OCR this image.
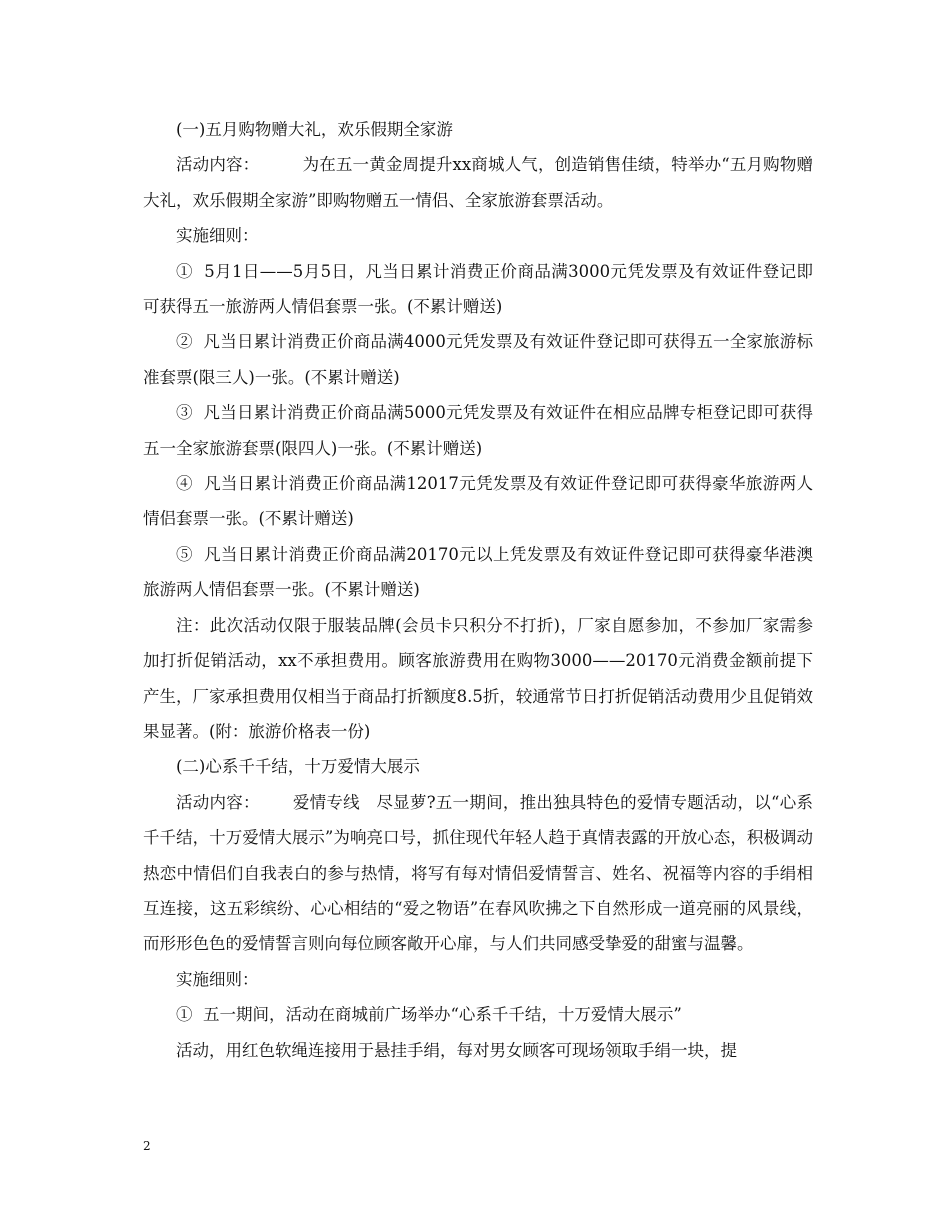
(一)五月购物赠大礼，欢乐假期全家游

活动内容：        为在五一黄金周提升xx商城人气，创造销售佳绩，特举办“五月购物赠大礼，欢乐假期全家游”即购物赠五一情侣、全家旅游套票活动。

实施细则：

①  5月1日——5月5日，凡当日累计消费正价商品满3000元凭发票及有效证件登记即可获得五一旅游两人情侣套票一张。(不累计赠送)

②  凡当日累计消费正价商品满4000元凭发票及有效证件登记即可获得五一全家旅游标准套票(限三人)一张。(不累计赠送)

③  凡当日累计消费正价商品满5000元凭发票及有效证件在相应品牌专柜登记即可获得五一全家旅游套票(限四人)一张。(不累计赠送)

④  凡当日累计消费正价商品满12017元凭发票及有效证件登记即可获得豪华旅游两人情侣套票一张。(不累计赠送)

⑤  凡当日累计消费正价商品满20170元以上凭发票及有效证件登记即可获得豪华港澳旅游两人情侣套票一张。(不累计赠送)

注：此次活动仅限于服装品牌(会员卡只积分不打折)，厂家自愿参加，不参加厂家需参加打折促销活动，xx不承担费用。顾客旅游费用在购物3000——20170元消费金额前提下产生，厂家承担费用仅相当于商品打折额度8.5折，较通常节日打折促销活动费用少且促销效果显著。(附：旅游价格表一份)

(二)心系千千结，十万爱情大展示

活动内容：      爱情专线   尽显萝?五一期间，推出独具特色的爱情专题活动，以“心系千千结，十万爱情大展示”为响亮口号，抓住现代年轻人趋于真情表露的开放心态，积极调动热恋中情侣们自我表白的参与热情，将写有每对情侣爱情誓言、姓名、祝福等内容的手绢相互连接，这五彩缤纷、心心相结的“爱之物语”在春风吹拂之下自然形成一道亮丽的风景线，而形形色色的爱情誓言则向每位顾客敞开心扉，与人们共同感受挚爱的甜蜜与温馨。

实施细则：

①  五一期间，活动在商城前广场举办“心系千千结，十万爱情大展示”

活动，用红色软绳连接用于悬挂手绢，每对男女顾客可现场领取手绢一块，提

2
